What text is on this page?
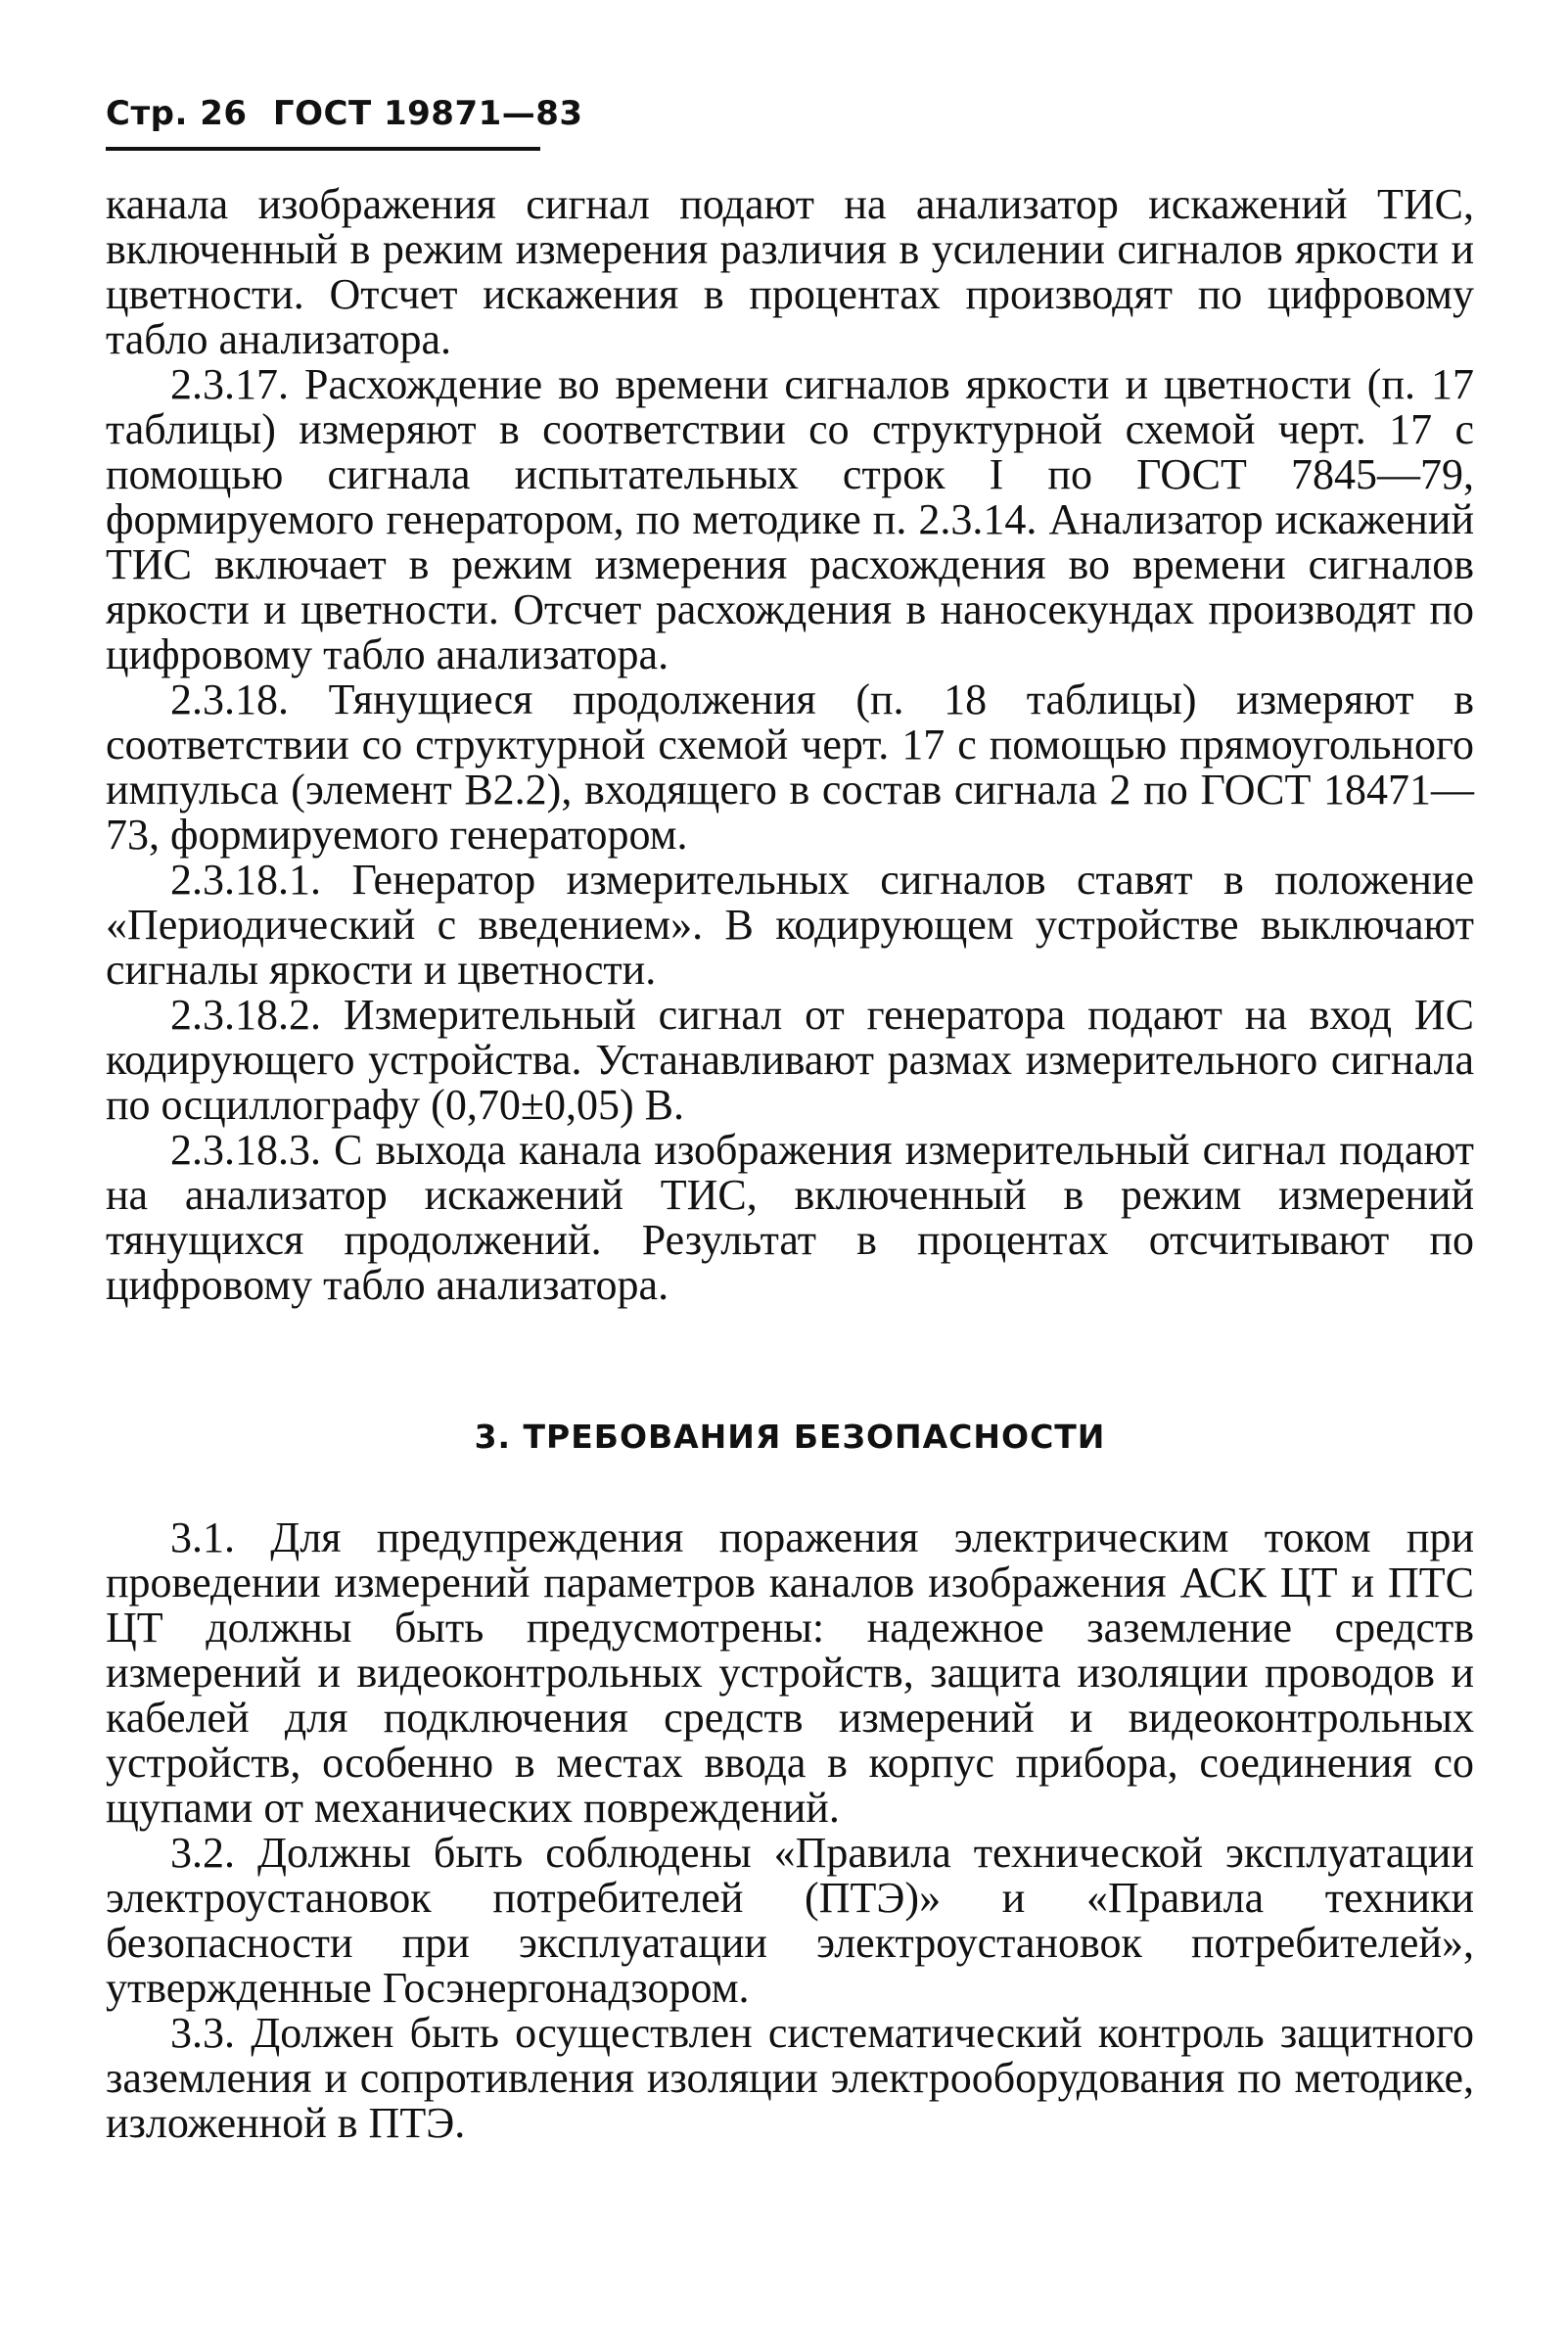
Стр. 26 ГОСТ 19871—83

канала изображения сигнал подают на анализатор искажений ТИС, включенный в режим измерения различия в усилении сигналов яркости и цветности. Отсчет искажения в процентах производят по цифровому табло анализатора.

2.3.17. Расхождение во времени сигналов яркости и цветности (п. 17 таблицы) измеряют в соответствии со структурной схемой черт. 17 с помощью сигнала испытательных строк I по ГОСТ 7845—79, формируемого генератором, по методике п. 2.3.14. Анализатор искажений ТИС включает в режим измерения расхождения во времени сигналов яркости и цветности. Отсчет расхождения в наносекундах производят по цифровому табло анализатора.

2.3.18. Тянущиеся продолжения (п. 18 таблицы) измеряют в соответствии со структурной схемой черт. 17 с помощью прямоугольного импульса (элемент В2.2), входящего в состав сигнала 2 по ГОСТ 18471—73, формируемого генератором.

2.3.18.1. Генератор измерительных сигналов ставят в положение «Периодический с введением». В кодирующем устройстве выключают сигналы яркости и цветности.

2.3.18.2. Измерительный сигнал от генератора подают на вход ИС кодирующего устройства. Устанавливают размах измерительного сигнала по осциллографу (0,70±0,05) В.

2.3.18.3. С выхода канала изображения измерительный сигнал подают на анализатор искажений ТИС, включенный в режим измерений тянущихся продолжений. Результат в процентах отсчитывают по цифровому табло анализатора.

3. ТРЕБОВАНИЯ БЕЗОПАСНОСТИ

3.1. Для предупреждения поражения электрическим током при проведении измерений параметров каналов изображения АСК ЦТ и ПТС ЦТ должны быть предусмотрены: надежное заземление средств измерений и видеоконтрольных устройств, защита изоляции проводов и кабелей для подключения средств измерений и видеоконтрольных устройств, особенно в местах ввода в корпус прибора, соединения со щупами от механических повреждений.

3.2. Должны быть соблюдены «Правила технической эксплуатации электроустановок потребителей (ПТЭ)» и «Правила техники безопасности при эксплуатации электроустановок потребителей», утвержденные Госэнергонадзором.

3.3. Должен быть осуществлен систематический контроль защитного заземления и сопротивления изоляции электрооборудования по методике, изложенной в ПТЭ.
